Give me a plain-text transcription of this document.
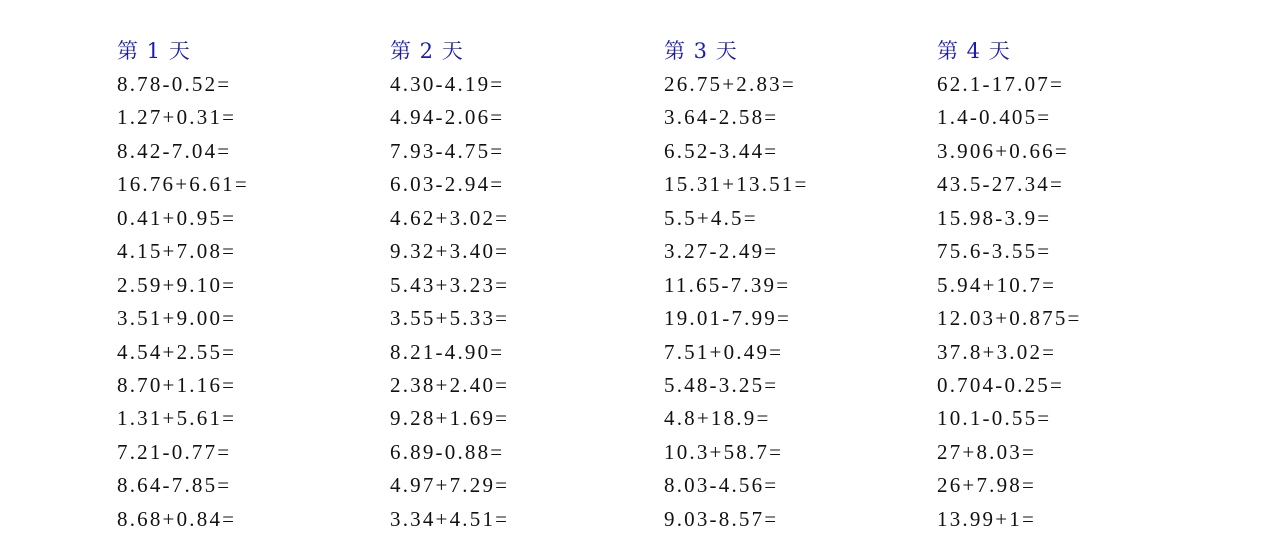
第 1 天
8.78-0.52=
1.27+0.31=
8.42-7.04=
16.76+6.61=
0.41+0.95=
4.15+7.08=
2.59+9.10=
3.51+9.00=
4.54+2.55=
8.70+1.16=
1.31+5.61=
7.21-0.77=
8.64-7.85=
8.68+0.84=
第 2 天
4.30-4.19=
4.94-2.06=
7.93-4.75=
6.03-2.94=
4.62+3.02=
9.32+3.40=
5.43+3.23=
3.55+5.33=
8.21-4.90=
2.38+2.40=
9.28+1.69=
6.89-0.88=
4.97+7.29=
3.34+4.51=
第 3 天
26.75+2.83=
3.64-2.58=
6.52-3.44=
15.31+13.51=
5.5+4.5=
3.27-2.49=
11.65-7.39=
19.01-7.99=
7.51+0.49=
5.48-3.25=
4.8+18.9=
10.3+58.7=
8.03-4.56=
9.03-8.57=
第 4 天
62.1-17.07=
1.4-0.405=
3.906+0.66=
43.5-27.34=
15.98-3.9=
75.6-3.55=
5.94+10.7=
12.03+0.875=
37.8+3.02=
0.704-0.25=
10.1-0.55=
27+8.03=
26+7.98=
13.99+1=
